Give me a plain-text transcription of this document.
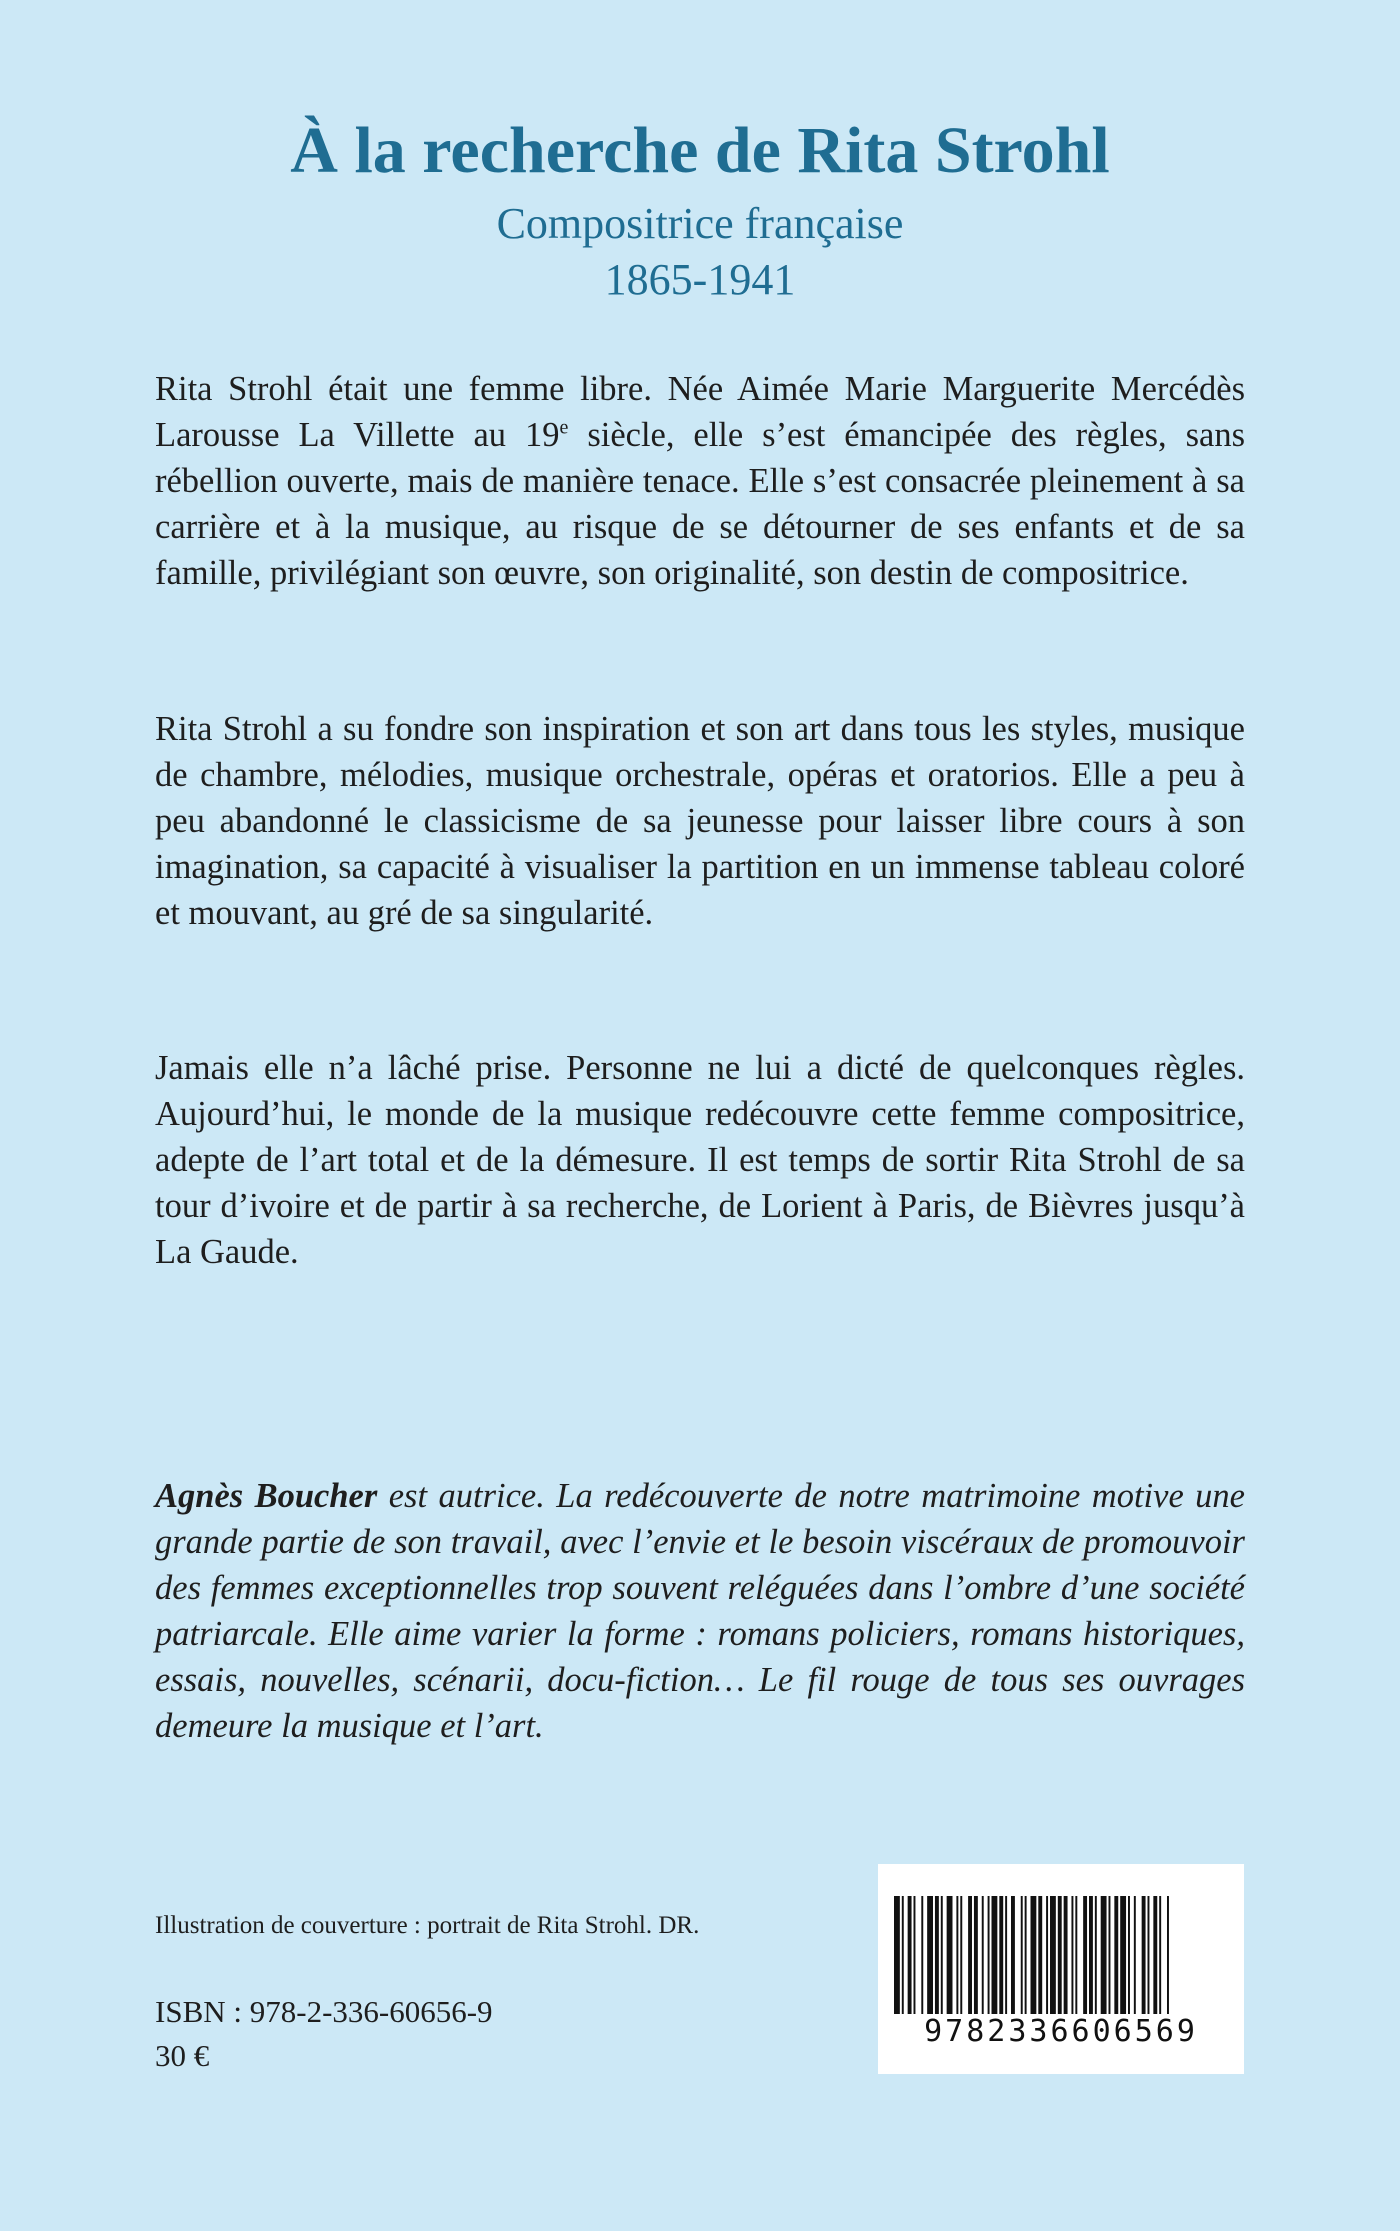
À la recherche de Rita Strohl
Compositrice française
1865-1941

Rita Strohl était une femme libre. Née Aimée Marie Marguerite Mercédès Larousse La Villette au 19e siècle, elle s’est émancipée des règles, sans rébellion ouverte, mais de manière tenace. Elle s’est consacrée pleinement à sa carrière et à la musique, au risque de se détourner de ses enfants et de sa famille, privilégiant son œuvre, son originalité, son destin de compositrice.

Rita Strohl a su fondre son inspiration et son art dans tous les styles, musique de chambre, mélodies, musique orchestrale, opéras et oratorios. Elle a peu à peu abandonné le classicisme de sa jeunesse pour laisser libre cours à son imagination, sa capacité à visualiser la partition en un immense tableau coloré et mouvant, au gré de sa singularité.

Jamais elle n’a lâché prise. Personne ne lui a dicté de quelconques règles. Aujourd’hui, le monde de la musique redécouvre cette femme compositrice, adepte de l’art total et de la démesure. Il est temps de sortir Rita Strohl de sa tour d’ivoire et de partir à sa recherche, de Lorient à Paris, de Bièvres jusqu’à La Gaude.

Agnès Boucher est autrice. La redécouverte de notre matrimoine motive une grande partie de son travail, avec l’envie et le besoin viscéraux de promouvoir des femmes exceptionnelles trop souvent reléguées dans l’ombre d’une société patriarcale. Elle aime varier la forme : romans policiers, romans historiques, essais, nouvelles, scénarii, docu-fiction… Le fil rouge de tous ses ouvrages demeure la musique et l’art.

Illustration de couverture : portrait de Rita Strohl. DR.
ISBN : 978-2-336-60656-9
30 €
9782336606569
